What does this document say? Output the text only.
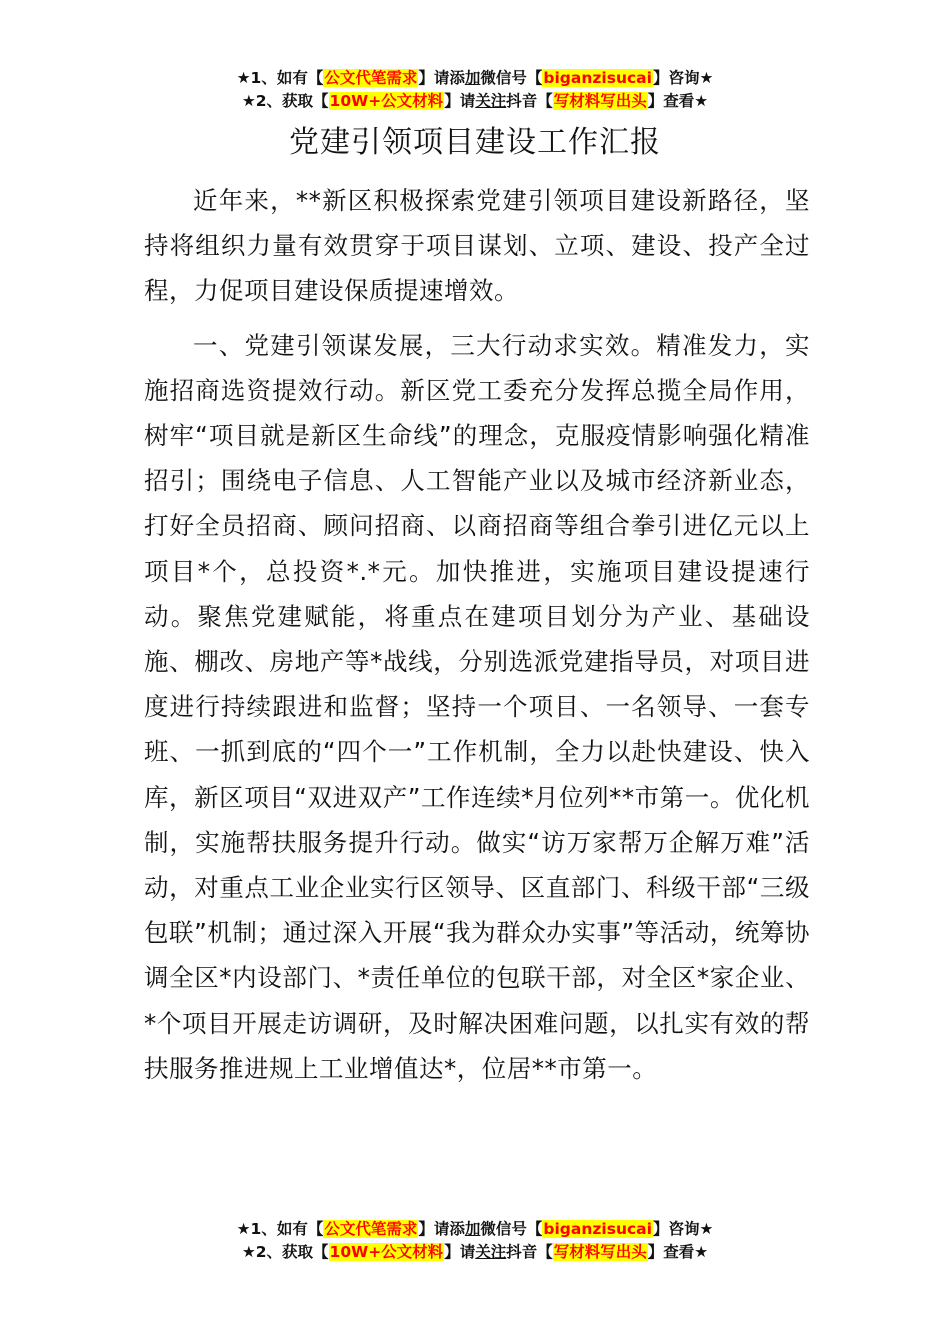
★1、如有【公文代笔需求】请添加微信号【biganzisucai】咨询★
★2、获取【10W+公文材料】请关注抖音【写材料写出头】查看★
党建引领项目建设工作汇报

近年来，**新区积极探索党建引领项目建设新路径，坚持将组织力量有效贯穿于项目谋划、立项、建设、投产全过程，力促项目建设保质提速增效。

一、党建引领谋发展，三大行动求实效。精准发力，实施招商选资提效行动。新区党工委充分发挥总揽全局作用，树牢“项目就是新区生命线”的理念，克服疫情影响强化精准招引；围绕电子信息、人工智能产业以及城市经济新业态，打好全员招商、顾问招商、以商招商等组合拳引进亿元以上项目*个，总投资*.*元。加快推进，实施项目建设提速行动。聚焦党建赋能，将重点在建项目划分为产业、基础设施、棚改、房地产等*战线，分别选派党建指导员，对项目进度进行持续跟进和监督；坚持一个项目、一名领导、一套专班、一抓到底的“四个一”工作机制，全力以赴快建设、快入库，新区项目“双进双产”工作连续*月位列**市第一。优化机制，实施帮扶服务提升行动。做实“访万家帮万企解万难”活动，对重点工业企业实行区领导、区直部门、科级干部“三级包联”机制；通过深入开展“我为群众办实事”等活动，统筹协调全区*内设部门、*责任单位的包联干部，对全区*家企业、*个项目开展走访调研，及时解决困难问题，以扎实有效的帮扶服务推进规上工业增值达*，位居**市第一。

★1、如有【公文代笔需求】请添加微信号【biganzisucai】咨询★
★2、获取【10W+公文材料】请关注抖音【写材料写出头】查看★
